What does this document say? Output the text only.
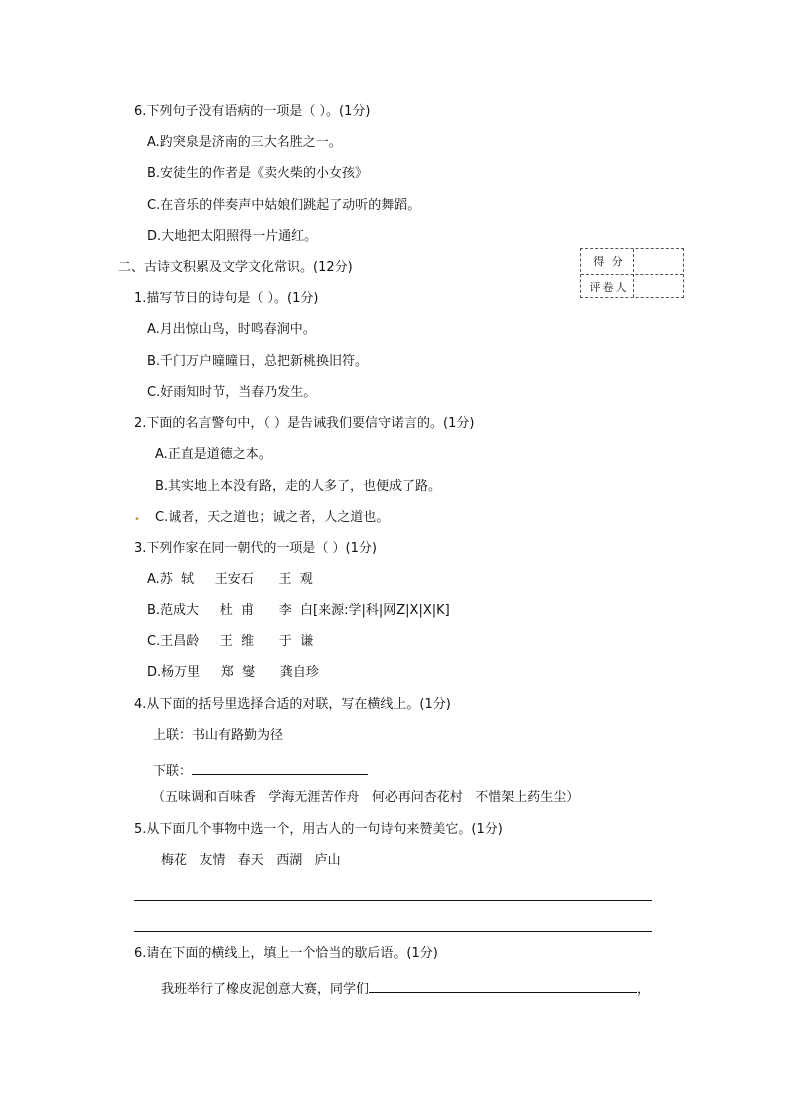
6.下列句子没有语病的一项是（ ）。(1分)
A.趵突泉是济南的三大名胜之一。
B.安徒生的作者是《卖火柴的小女孩》
C.在音乐的伴奏声中姑娘们跳起了动听的舞蹈。
D.大地把太阳照得一片通红。
二、古诗文积累及文学文化常识。(12分)	得 分
评卷人
1.描写节日的诗句是（ ）。(1分)
A.月出惊山鸟，时鸣春涧中。
B.千门万户曈曈日，总把新桃换旧符。
C.好雨知时节，当春乃发生。
2.下面的名言警句中，（ ）是告诫我们要信守诺言的。(1分)
A.正直是道德之本。
B.其实地上本没有路，走的人多了，也便成了路。
• C.诚者，天之道也；诚之者，人之道也。
3.下列作家在同一朝代的一项是（ ）(1分)
A.苏  轼     王安石      王  观
B.范成大     杜  甫      李  白[来源:学|科|网Z|X|X|K]
C.王昌龄     王  维      于  谦
D.杨万里     郑  燮      龚自珍
4.从下面的括号里选择合适的对联，写在横线上。(1分)
上联：书山有路勤为径
下联：
（五味调和百味香   学海无涯苦作舟   何必再问杏花村   不惜架上药生尘）
5.从下面几个事物中选一个，用古人的一句诗句来赞美它。(1分)
梅花   友情   春天   西湖   庐山
6.请在下面的横线上，填上一个恰当的歇后语。(1分)
我班举行了橡皮泥创意大赛，同学们	，
